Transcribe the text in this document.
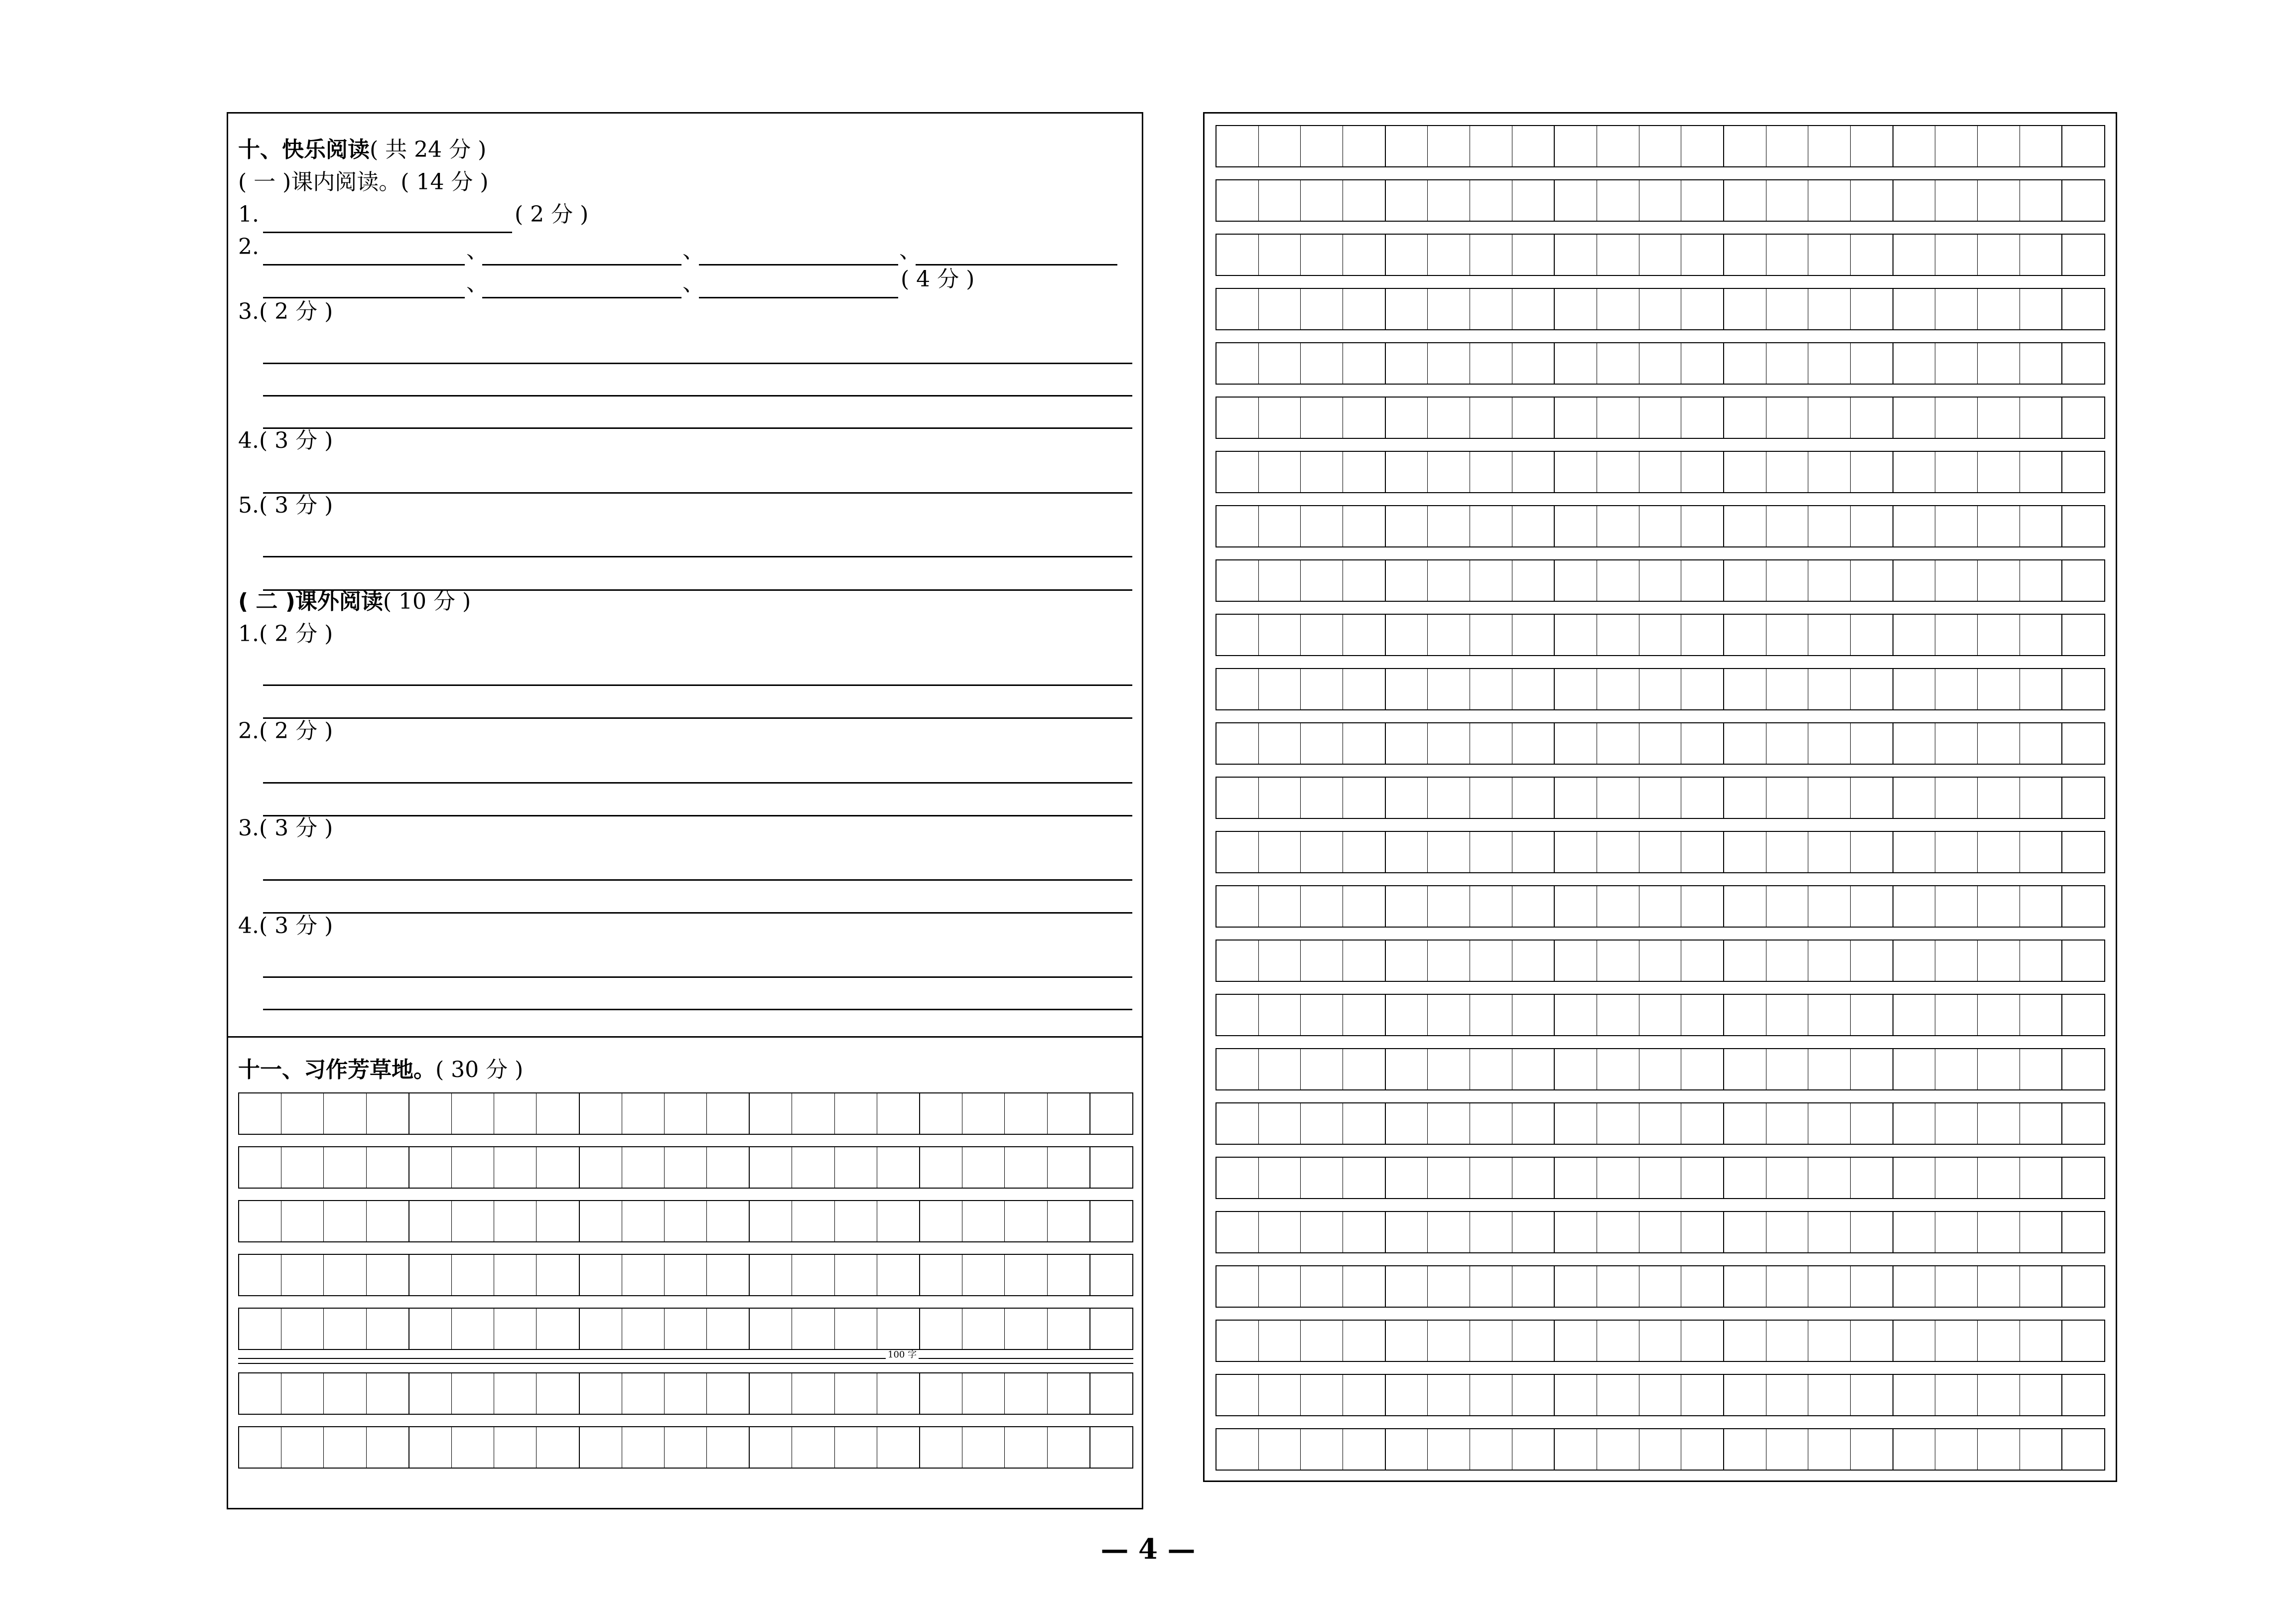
十、快乐阅读( 共 24 分 )
( 一 )课内阅读。( 14 分 )
1.	( 2 分 )
2.	、	、	、
、	、	( 4 分 )
3.( 2 分 )
4.( 3 分 )
5.( 3 分 )
( 二 )课外阅读( 10 分 )
1.( 2 分 )
2.( 2 分 )
3.( 3 分 )
4.( 3 分 )
十一、习作芳草地。( 30 分 )
100 字
— 4 —
